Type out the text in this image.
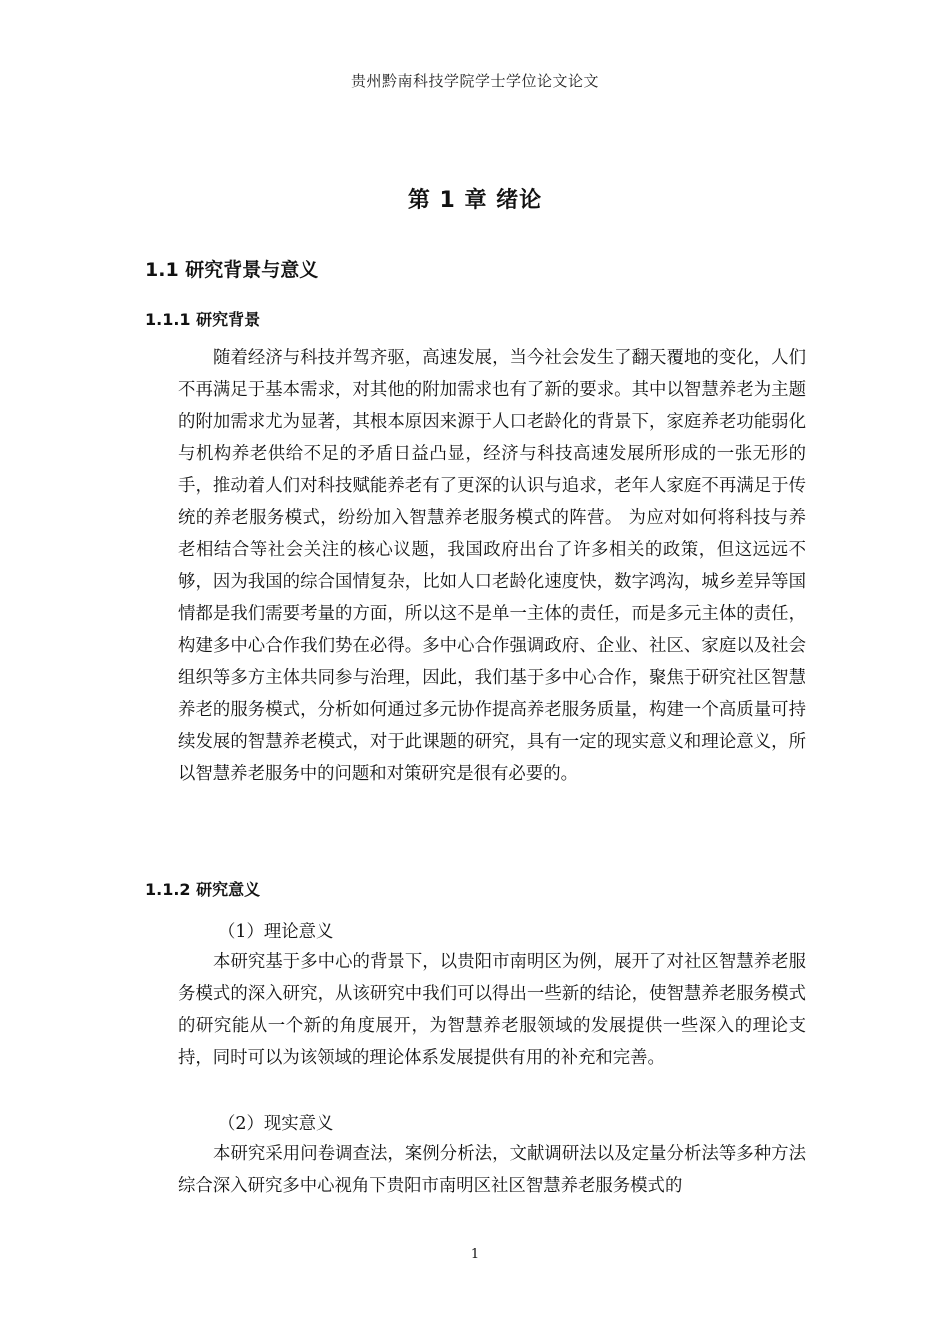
贵州黔南科技学院学士学位论文论文
第 1 章 绪论
1.1 研究背景与意义
1.1.1 研究背景

随着经济与科技并驾齐驱，高速发展，当今社会发生了翻天覆地的变化，人们不再满足于基本需求，对其他的附加需求也有了新的要求。其中以智慧养老为主题的附加需求尤为显著，其根本原因来源于人口老龄化的背景下，家庭养老功能弱化与机构养老供给不足的矛盾日益凸显，经济与科技高速发展所形成的一张无形的手，推动着人们对科技赋能养老有了更深的认识与追求，老年人家庭不再满足于传统的养老服务模式，纷纷加入智慧养老服务模式的阵营。 为应对如何将科技与养老相结合等社会关注的核心议题，我国政府出台了许多相关的政策，但这远远不够，因为我国的综合国情复杂，比如人口老龄化速度快，数字鸿沟，城乡差异等国情都是我们需要考量的方面，所以这不是单一主体的责任，而是多元主体的责任，构建多中心合作我们势在必得。多中心合作强调政府、企业、社区、家庭以及社会组织等多方主体共同参与治理，因此，我们基于多中心合作，聚焦于研究社区智慧养老的服务模式，分析如何通过多元协作提高养老服务质量，构建一个高质量可持续发展的智慧养老模式，对于此课题的研究，具有一定的现实意义和理论意义，所以智慧养老服务中的问题和对策研究是很有必要的。

1.1.2 研究意义
（1）理论意义

本研究基于多中心的背景下，以贵阳市南明区为例，展开了对社区智慧养老服务模式的深入研究，从该研究中我们可以得出一些新的结论，使智慧养老服务模式的研究能从一个新的角度展开，为智慧养老服领域的发展提供一些深入的理论支持，同时可以为该领域的理论体系发展提供有用的补充和完善。

（2）现实意义

本研究采用问卷调查法，案例分析法，文献调研法以及定量分析法等多种方法综合深入研究多中心视角下贵阳市南明区社区智慧养老服务模式的

1
